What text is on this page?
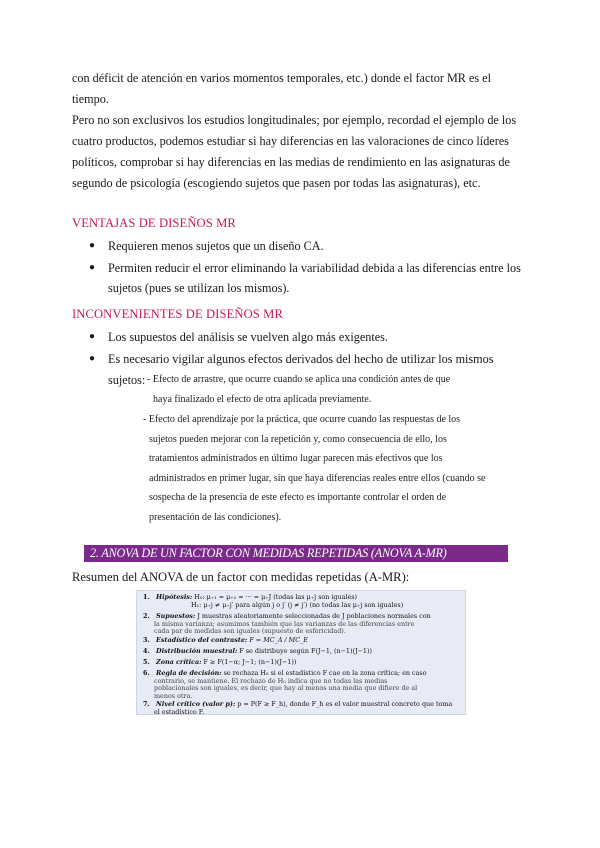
con déficit de atención en varios momentos temporales, etc.) donde el factor MR es el

tiempo.

Pero no son exclusivos los estudios longitudinales; por ejemplo, recordad el ejemplo de los

cuatro productos, podemos estudiar si hay diferencias en las valoraciones de cinco líderes

políticos, comprobar si hay diferencias en las medias de rendimiento en las asignaturas de

segundo de psicología (escogiendo sujetos que pasen por todas las asignaturas), etc.

VENTAJAS DE DISEÑOS MR
● Requieren menos sujetos que un diseño CA.
● Permiten reducir el error eliminando la variabilidad debida a las diferencias entre los sujetos (pues se utilizan los mismos).
INCONVENIENTES DE DISEÑOS MR
● Los supuestos del análisis se vuelven algo más exigentes.
● Es necesario vigilar algunos efectos derivados del hecho de utilizar los mismos
sujetos: - Efecto de arrastre, que ocurre cuando se aplica una condición antes de que
haya finalizado el efecto de otra aplicada previamente.
- Efecto del aprendizaje por la práctica, que ocurre cuando las respuestas de los
sujetos pueden mejorar con la repetición y, como consecuencia de ello, los
tratamientos administrados en último lugar parecen más efectivos que los
administrados en primer lugar, sin que haya diferencias reales entre ellos (cuando se
sospecha de la presencia de este efecto es importante controlar el orden de
presentación de las condiciones).
2. ANOVA DE UN FACTOR CON MEDIDAS REPETIDAS (ANOVA A-MR)
Resumen del ANOVA de un factor con medidas repetidas (A-MR):
1. Hipótesis: H₀: μ₊₁ = μ₊₂ = ··· = μ₊J (todas las μ₊j son iguales)
H₁: μ₊j ≠ μ₊j′ para algún j o j′ (j ≠ j′) (no todas las μ₊j son iguales)
2. Supuestos: J muestras aleatoriamente seleccionadas de J poblaciones normales con
la misma varianza; asumimos también que las varianzas de las diferencias entre
cada par de medidas son iguales (supuesto de esfericidad).
3. Estadístico del contraste: F = MC_A / MC_E
4. Distribución muestral: F se distribuye según F(J−1, (n−1)(J−1))
5. Zona crítica: F ≥ F(1−α; J−1; (n−1)(J−1))
6. Regla de decisión: se rechaza H₀ si el estadístico F cae en la zona crítica; en caso
contrario, se mantiene. El rechazo de H₀ indica que no todas las medias
poblacionales son iguales, es decir, que hay al menos una media que difiere de al
menos otra.
7. Nivel crítico (valor p): p = P(F ≥ F_h), donde F_h es el valor muestral concreto que toma
el estadístico F.
